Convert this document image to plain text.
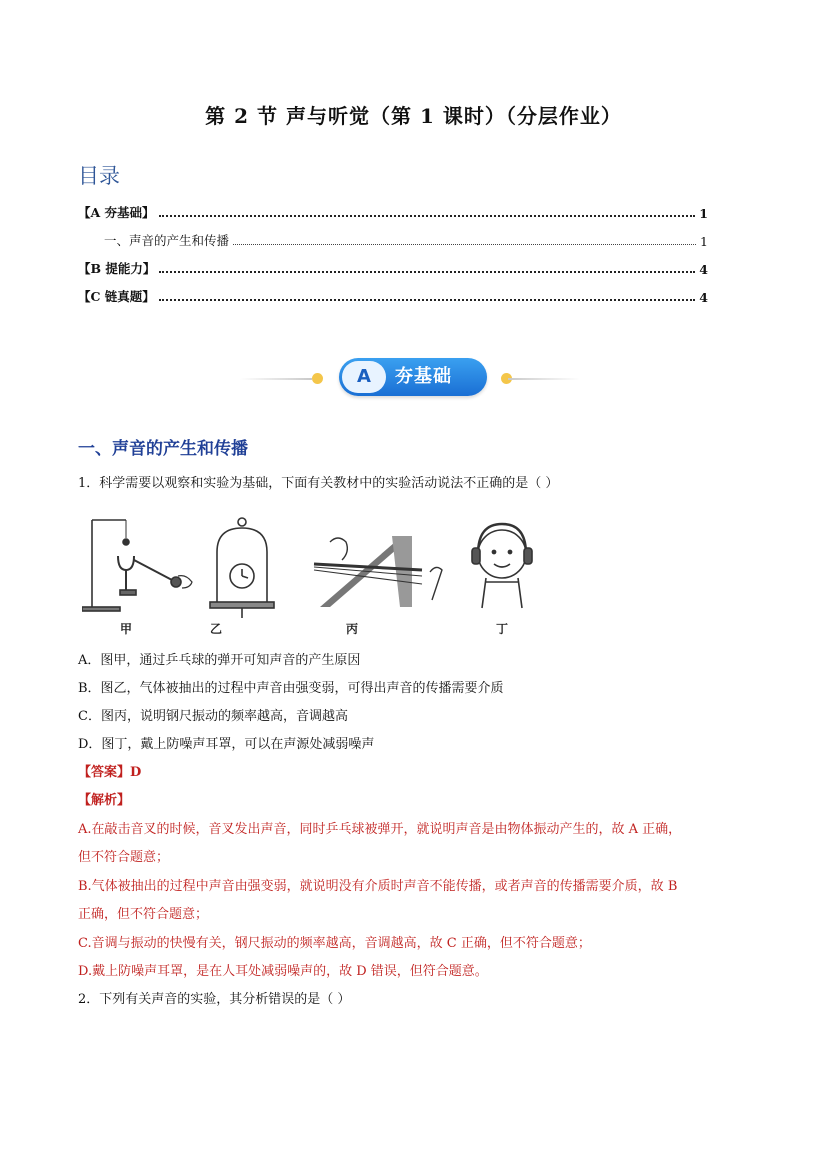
第 2 节 声与听觉（第 1 课时）（分层作业）
目录
【A 夯基础】	1
一、声音的产生和传播	1
【B 提能力】	4
【C 链真题】	4
A	夯基础
一、声音的产生和传播
1．科学需要以观察和实验为基础，下面有关教材中的实验活动说法不正确的是（ ）
甲	乙	丙	丁
A．图甲，通过乒乓球的弹开可知声音的产生原因
B．图乙，气体被抽出的过程中声音由强变弱，可得出声音的传播需要介质
C．图丙，说明钢尺振动的频率越高，音调越高
D．图丁，戴上防噪声耳罩，可以在声源处减弱噪声
【答案】D
【解析】
A.在敲击音叉的时候，音叉发出声音，同时乒乓球被弹开，就说明声音是由物体振动产生的，故 A 正确，
但不符合题意；
B.气体被抽出的过程中声音由强变弱，就说明没有介质时声音不能传播，或者声音的传播需要介质，故 B
正确，但不符合题意；
C.音调与振动的快慢有关，钢尺振动的频率越高，音调越高，故 C 正确，但不符合题意；
D.戴上防噪声耳罩，是在人耳处减弱噪声的，故 D 错误，但符合题意。
2．下列有关声音的实验，其分析错误的是（ ）
